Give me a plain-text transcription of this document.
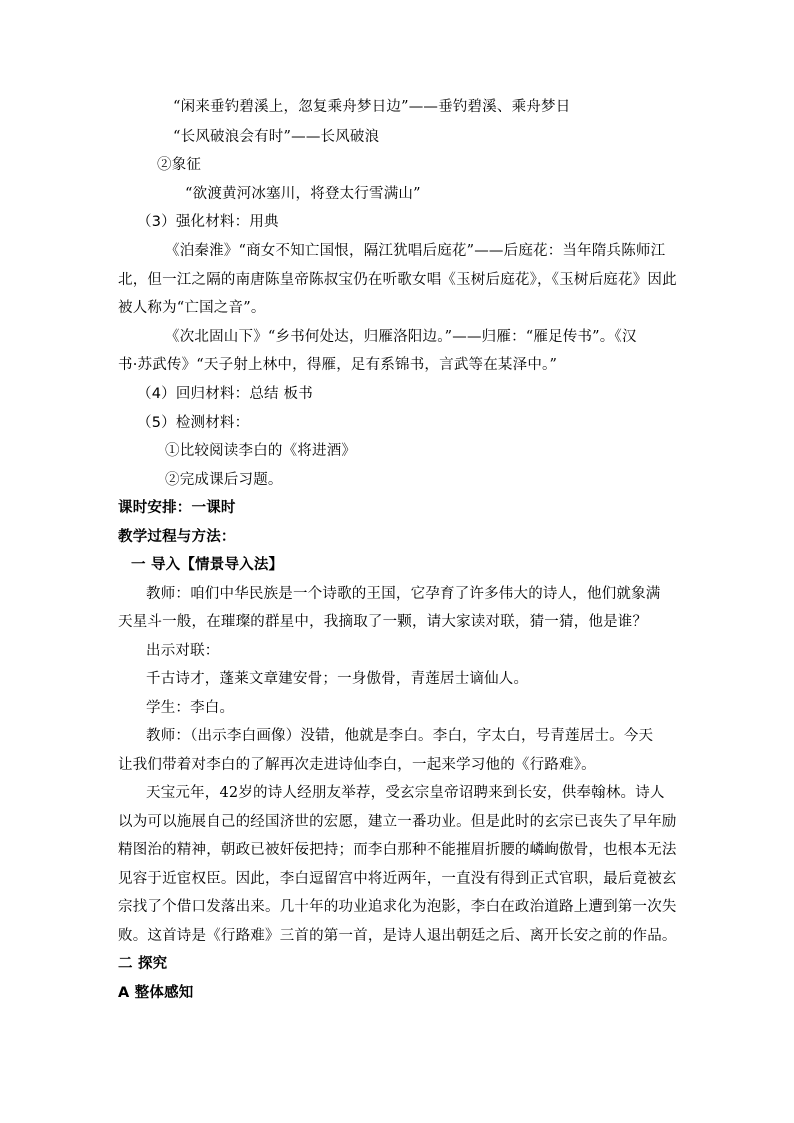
“闲来垂钓碧溪上，忽复乘舟梦日边”——垂钓碧溪、乘舟梦日
“长风破浪会有时”——长风破浪
②象征
“欲渡黄河冰塞川，将登太行雪满山”
（3）强化材料：用典
《泊秦淮》“商女不知亡国恨，隔江犹唱后庭花”——后庭花：当年隋兵陈师江
北，但一江之隔的南唐陈皇帝陈叔宝仍在听歌女唱《玉树后庭花》，《玉树后庭花》因此
被人称为“亡国之音”。
《次北固山下》“乡书何处达，归雁洛阳边。”——归雁：“雁足传书”。《汉
书·苏武传》“天子射上林中，得雁，足有系锦书，言武等在某泽中。”
（4）回归材料：总结 板书
（5）检测材料：
①比较阅读李白的《将进酒》
②完成课后习题。
课时安排：一课时
教学过程与方法：
一 导入【情景导入法】
教师：咱们中华民族是一个诗歌的王国，它孕育了许多伟大的诗人，他们就象满
天星斗一般，在璀璨的群星中，我摘取了一颗，请大家读对联，猜一猜，他是谁？
出示对联：
千古诗才，蓬莱文章建安骨；一身傲骨，青莲居士谪仙人。
学生：李白。
教师：（出示李白画像）没错，他就是李白。李白，字太白，号青莲居士。今天
让我们带着对李白的了解再次走进诗仙李白，一起来学习他的《行路难》。
天宝元年，42岁的诗人经朋友举荐，受玄宗皇帝诏聘来到长安，供奉翰林。诗人
以为可以施展自己的经国济世的宏愿，建立一番功业。但是此时的玄宗已丧失了早年励
精图治的精神，朝政已被奸佞把持；而李白那种不能摧眉折腰的嶙峋傲骨，也根本无法
见容于近宦权臣。因此，李白逗留宫中将近两年，一直没有得到正式官职，最后竟被玄
宗找了个借口发落出来。几十年的功业追求化为泡影，李白在政治道路上遭到第一次失
败。这首诗是《行路难》三首的第一首，是诗人退出朝廷之后、离开长安之前的作品。
二 探究
A 整体感知
